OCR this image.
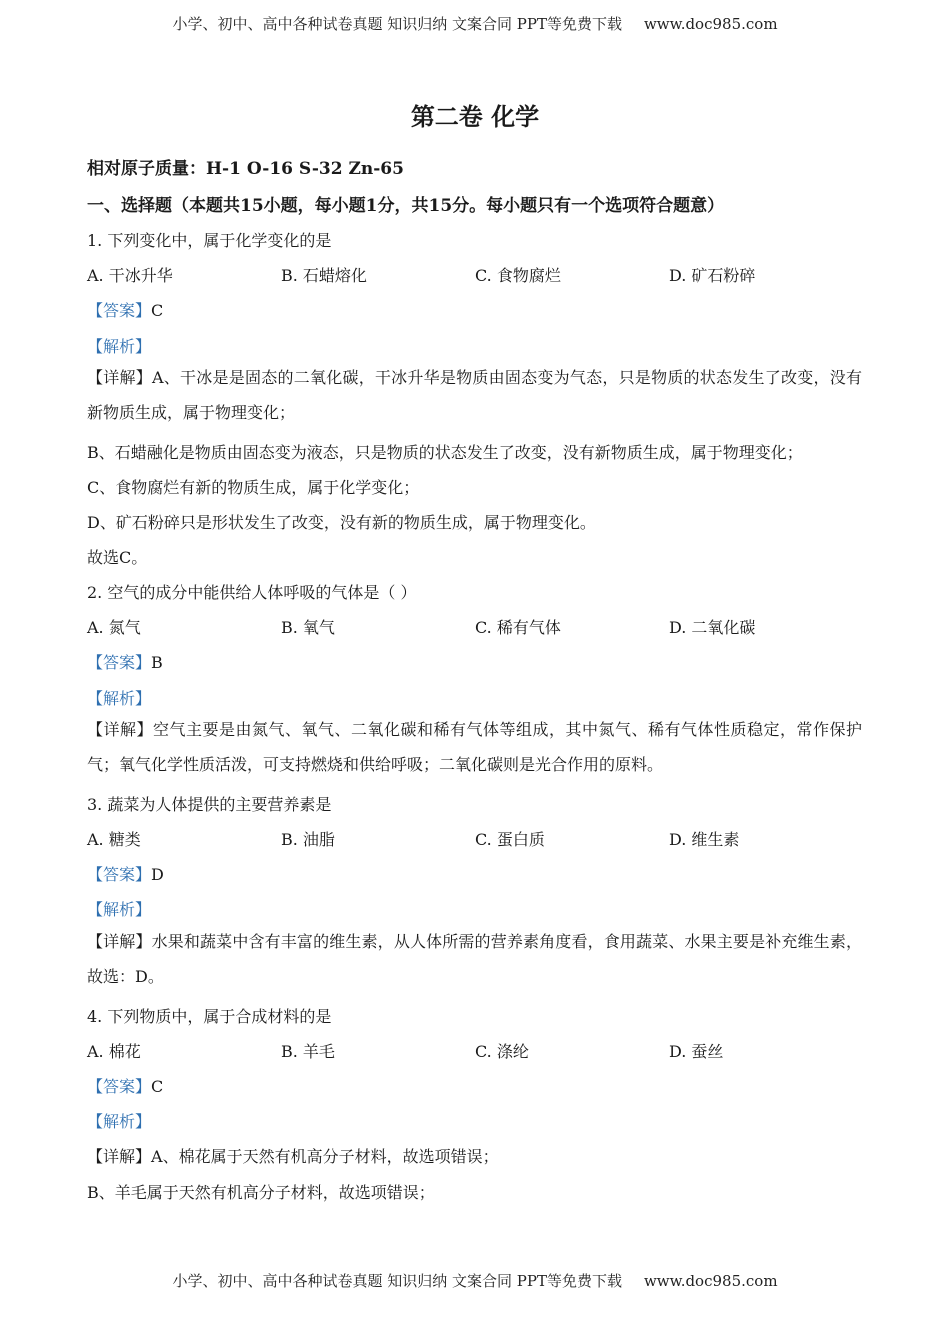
小学、初中、高中各种试卷真题 知识归纳 文案合同 PPT等免费下载 www.doc985.com
第二卷 化学
相对原子质量：H-1 O-16 S-32 Zn-65
一、选择题（本题共15小题，每小题1分，共15分。每小题只有一个选项符合题意）
1. 下列变化中，属于化学变化的是
A. 干冰升华	B. 石蜡熔化	C. 食物腐烂	D. 矿石粉碎
【答案】C
【解析】
【详解】A、干冰是是固态的二氧化碳，干冰升华是物质由固态变为气态，只是物质的状态发生了改变，没有新物质生成，属于物理变化；
B、石蜡融化是物质由固态变为液态，只是物质的状态发生了改变，没有新物质生成，属于物理变化；
C、食物腐烂有新的物质生成，属于化学变化；
D、矿石粉碎只是形状发生了改变，没有新的物质生成，属于物理变化。
故选C。
2. 空气的成分中能供给人体呼吸的气体是（ ）
A. 氮气	B. 氧气	C. 稀有气体	D. 二氧化碳
【答案】B
【解析】
【详解】空气主要是由氮气、氧气、二氧化碳和稀有气体等组成，其中氮气、稀有气体性质稳定，常作保护气；氧气化学性质活泼，可支持燃烧和供给呼吸；二氧化碳则是光合作用的原料。
3. 蔬菜为人体提供的主要营养素是
A. 糖类	B. 油脂	C. 蛋白质	D. 维生素
【答案】D
【解析】
【详解】水果和蔬菜中含有丰富的维生素，从人体所需的营养素角度看，食用蔬菜、水果主要是补充维生素，故选：D。
4. 下列物质中，属于合成材料的是
A. 棉花	B. 羊毛	C. 涤纶	D. 蚕丝
【答案】C
【解析】
【详解】A、棉花属于天然有机高分子材料，故选项错误；
B、羊毛属于天然有机高分子材料，故选项错误；
小学、初中、高中各种试卷真题 知识归纳 文案合同 PPT等免费下载 www.doc985.com
